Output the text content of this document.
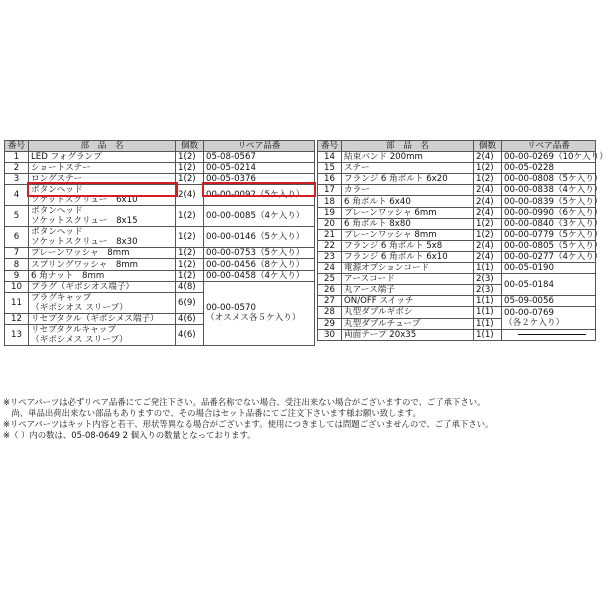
番号	部　品　名	個数	リペア品番
1	LED フォグランプ	1(2)	05-08-0567
2	ショートステー	1(2)	00-05-0214
3	ロングステー	1(2)	00-05-0376
4	ボタンヘッド
ソケットスクリュー　6x10	2(4)	00-00-0092（5ケ入り）
5	ボタンヘッド
ソケットスクリュー　8x15	1(2)	00-00-0085（4ケ入り）
6	ボタンヘッド
ソケットスクリュー　8x30	1(2)	00-00-0146（5ケ入り）
7	プレーンワッシャ　8mm	1(2)	00-00-0753（5ケ入り）
8	スプリングワッシャ　8mm	1(2)	00-00-0456（8ケ入り）
9	6 角ナット　8mm	1(2)	00-00-0458（4ケ入り）
10	プラグ（ギボシオス端子）	4(8)	00-00-0570
（オスメス各５ケ入り）
11	プラグキャップ
（ギボシオス スリーブ）	6(9)	
12	リセプタクル（ギボシメス端子）	4(6)	
13	リセプタクルキャップ
（ギボシメス スリーブ）	4(6)	
番号	部　品　名	個数	リペア品番
14	結束バンド 200mm	2(4)	00-00-0269（10ケ入り）
15	ステー	1(2)	00-05-0228
16	フランジ 6 角ボルト 6x20	1(2)	00-00-0808（5ケ入り）
17	カラー	2(4)	00-00-0838（4ケ入り）
18	6 角ボルト 6x40	2(4)	00-00-0839（5ケ入り）
19	プレーンワッシャ 6mm	2(4)	00-00-0990（6ケ入り）
20	6 角ボルト 8x80	1(2)	00-00-0840（3ケ入り）
21	プレーンワッシャ 8mm	1(2)	00-00-0779（5ケ入り）
22	フランジ 6 角ボルト 5x8	2(4)	00-00-0805（5ケ入り）
23	フランジ 6 角ボルト 6x10	2(4)	00-00-0277（4ケ入り）
24	電源オプションコード	1(1)	00-05-0190
25	アースコード	2(3)	00-05-0184
26	丸アース端子	2(3)	
27	ON/OFF スイッチ	1(1)	05-09-0056
28	丸型ダブルギボシ	1(1)	00-00-0769
（各２ケ入り）
29	丸型ダブルチューブ	1(1)	
30	両面テープ 20x35	1(1)	
※リペアパーツは必ずリペア品番にてご発注下さい。品番名称でない場合、受注出来ない場合がございますので、ご了承下さい。
　尚、単品出荷出来ない部品もありますので、その場合はセット品番にてご注文下さいます様お願い致します。
※リペアパーツはキット内容と若干、形状等異なる場合がございます。使用につきましては問題ございませんので、ご了承下さい。
※（ ）内の数は、05-08-0649 2 個入りの数量となっております。
